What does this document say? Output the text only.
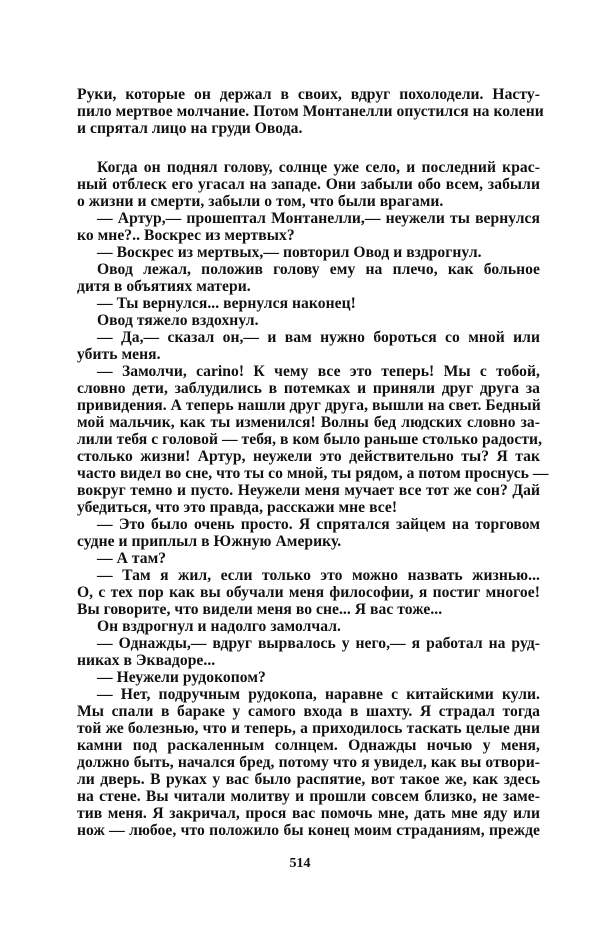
Руки, которые он держал в своих, вдруг похолодели. Насту-
пило мертвое молчание. Потом Монтанелли опустился на колени
и спрятал лицо на груди Овода.
Когда он поднял голову, солнце уже село, и последний крас-
ный отблеск его угасал на западе. Они забыли обо всем, забыли
о жизни и смерти, забыли о том, что были врагами.
— Артур,— прошептал Монтанелли,— неужели ты вернулся
ко мне?.. Воскрес из мертвых?
— Воскрес из мертвых,— повторил Овод и вздрогнул.
Овод лежал, положив голову ему на плечо, как больное
дитя в объятиях матери.
— Ты вернулся... вернулся наконец!
Овод тяжело вздохнул.
— Да,— сказал он,— и вам нужно бороться со мной или
убить меня.
— Замолчи, carino! К чему все это теперь! Мы с тобой,
словно дети, заблудились в потемках и приняли друг друга за
привидения. А теперь нашли друг друга, вышли на свет. Бедный
мой мальчик, как ты изменился! Волны бед людских словно за-
лили тебя с головой — тебя, в ком было раньше столько радости,
столько жизни! Артур, неужели это действительно ты? Я так
часто видел во сне, что ты со мной, ты рядом, а потом проснусь —
вокруг темно и пусто. Неужели меня мучает все тот же сон? Дай
убедиться, что это правда, расскажи мне все!
— Это было очень просто. Я спрятался зайцем на торговом
судне и приплыл в Южную Америку.
— А там?
— Там я жил, если только это можно назвать жизнью...
О, с тех пор как вы обучали меня философии, я постиг многое!
Вы говорите, что видели меня во сне... Я вас тоже...
Он вздрогнул и надолго замолчал.
— Однажды,— вдруг вырвалось у него,— я работал на руд-
никах в Эквадоре...
— Неужели рудокопом?
— Нет, подручным рудокопа, наравне с китайскими кули.
Мы спали в бараке у самого входа в шахту. Я страдал тогда
той же болезнью, что и теперь, а приходилось таскать целые дни
камни под раскаленным солнцем. Однажды ночью у меня,
должно быть, начался бред, потому что я увидел, как вы отвори-
ли дверь. В руках у вас было распятие, вот такое же, как здесь
на стене. Вы читали молитву и прошли совсем близко, не заме-
тив меня. Я закричал, прося вас помочь мне, дать мне яду или
нож — любое, что положило бы конец моим страданиям, прежде
514
